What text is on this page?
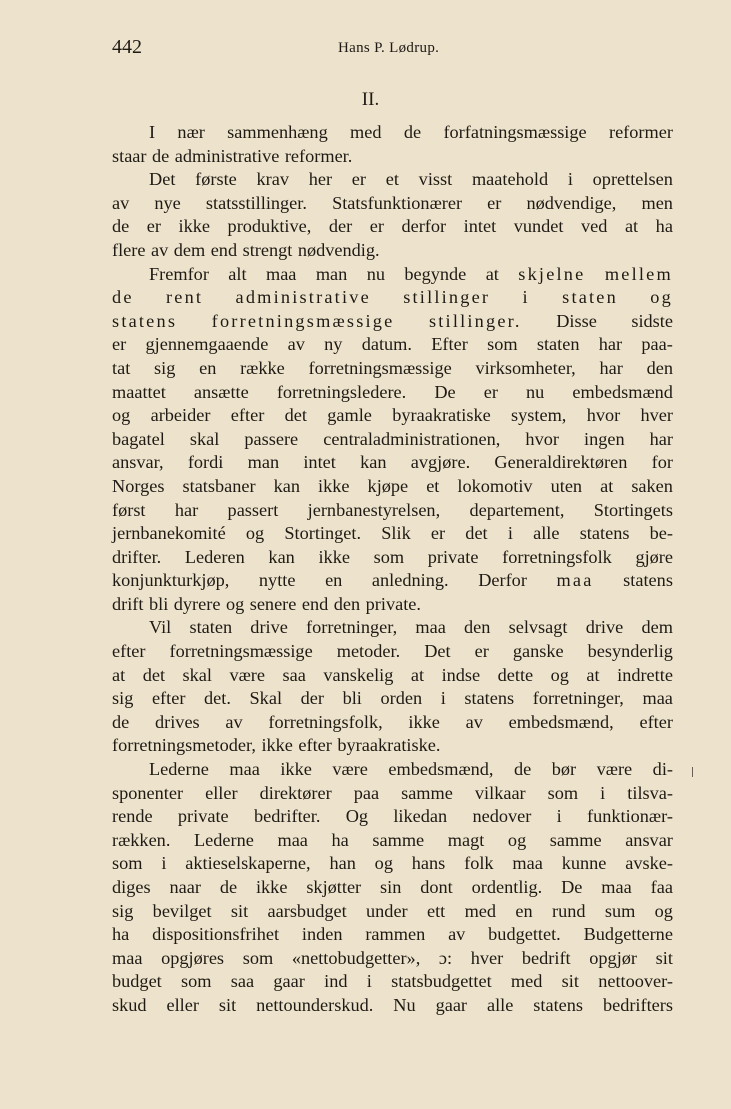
442	Hans P. Lødrup.
II.
I nær sammenhæng med de forfatningsmæssige reformer
staar de administrative reformer.
Det første krav her er et visst maatehold i oprettelsen
av nye statsstillinger. Statsfunktionærer er nødvendige, men
de er ikke produktive, der er derfor intet vundet ved at ha
flere av dem end strengt nødvendig.
Fremfor alt maa man nu begynde at skjelne mellem
de rent administrative stillinger i staten og
statens forretningsmæssige stillinger. Disse sidste
er gjennemgaaende av ny datum. Efter som staten har paa-
tat sig en række forretningsmæssige virksomheter, har den
maattet ansætte forretningsledere. De er nu embedsmænd
og arbeider efter det gamle byraakratiske system, hvor hver
bagatel skal passere centraladministrationen, hvor ingen har
ansvar, fordi man intet kan avgjøre. Generaldirektøren for
Norges statsbaner kan ikke kjøpe et lokomotiv uten at saken
først har passert jernbanestyrelsen, departement, Stortingets
jernbanekomité og Stortinget. Slik er det i alle statens be-
drifter. Lederen kan ikke som private forretningsfolk gjøre
konjunkturkjøp, nytte en anledning. Derfor maa statens
drift bli dyrere og senere end den private.
Vil staten drive forretninger, maa den selvsagt drive dem
efter forretningsmæssige metoder. Det er ganske besynderlig
at det skal være saa vanskelig at indse dette og at indrette
sig efter det. Skal der bli orden i statens forretninger, maa
de drives av forretningsfolk, ikke av embedsmænd, efter
forretningsmetoder, ikke efter byraakratiske.
Lederne maa ikke være embedsmænd, de bør være di-
sponenter eller direktører paa samme vilkaar som i tilsva-
rende private bedrifter. Og likedan nedover i funktionær-
rækken. Lederne maa ha samme magt og samme ansvar
som i aktieselskaperne, han og hans folk maa kunne avske-
diges naar de ikke skjøtter sin dont ordentlig. De maa faa
sig bevilget sit aarsbudget under ett med en rund sum og
ha dispositionsfrihet inden rammen av budgettet. Budgetterne
maa opgjøres som «nettobudgetter», ɔ: hver bedrift opgjør sit
budget som saa gaar ind i statsbudgettet med sit nettoover-
skud eller sit nettounderskud. Nu gaar alle statens bedrifters
